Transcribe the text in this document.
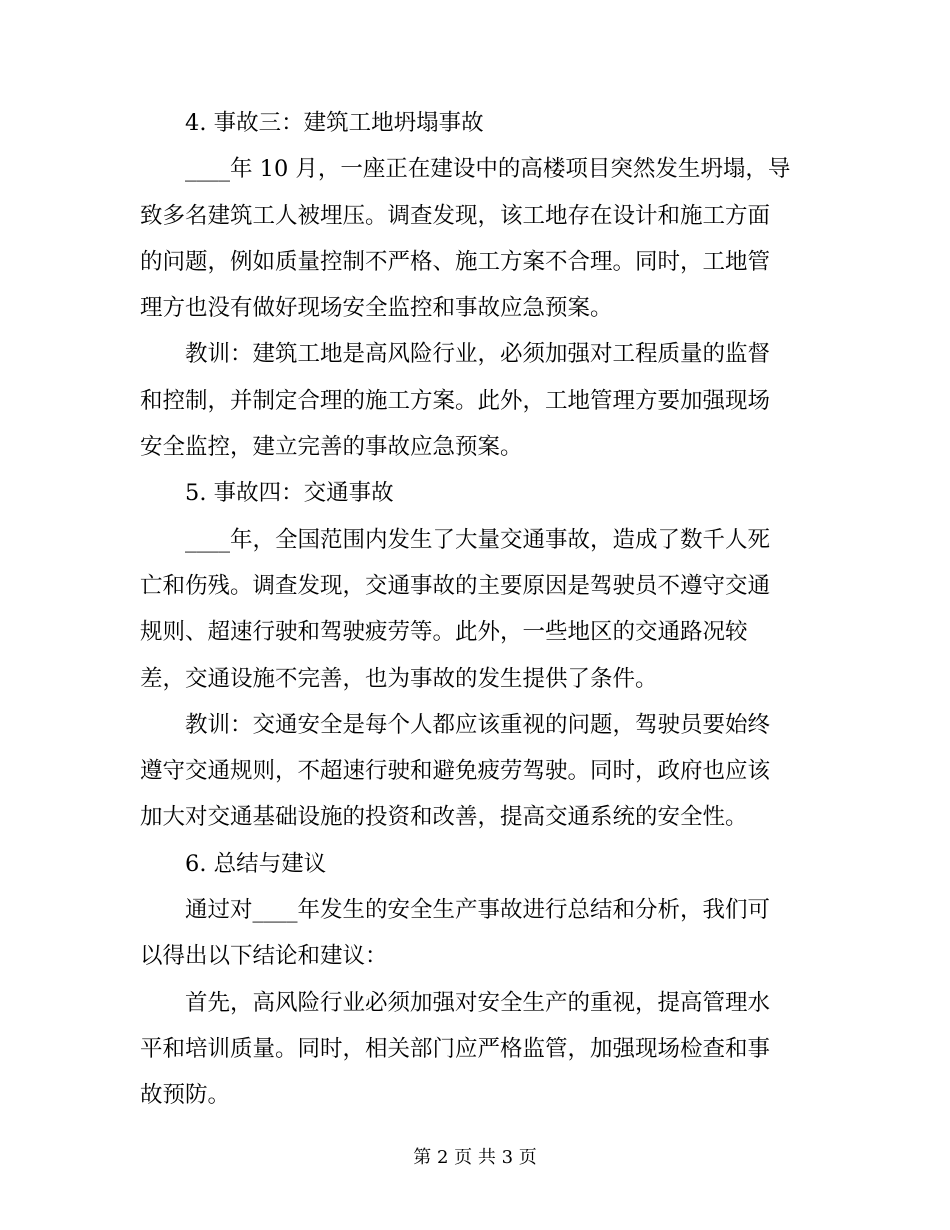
4. 事故三：建筑工地坍塌事故
____年 10 月，一座正在建设中的高楼项目突然发生坍塌，导
致多名建筑工人被埋压。调查发现，该工地存在设计和施工方面
的问题，例如质量控制不严格、施工方案不合理。同时，工地管
理方也没有做好现场安全监控和事故应急预案。
教训：建筑工地是高风险行业，必须加强对工程质量的监督
和控制，并制定合理的施工方案。此外，工地管理方要加强现场
安全监控，建立完善的事故应急预案。
5. 事故四：交通事故
____年，全国范围内发生了大量交通事故，造成了数千人死
亡和伤残。调查发现，交通事故的主要原因是驾驶员不遵守交通
规则、超速行驶和驾驶疲劳等。此外，一些地区的交通路况较
差，交通设施不完善，也为事故的发生提供了条件。
教训：交通安全是每个人都应该重视的问题，驾驶员要始终
遵守交通规则，不超速行驶和避免疲劳驾驶。同时，政府也应该
加大对交通基础设施的投资和改善，提高交通系统的安全性。
6. 总结与建议
通过对____年发生的安全生产事故进行总结和分析，我们可
以得出以下结论和建议：
首先，高风险行业必须加强对安全生产的重视，提高管理水
平和培训质量。同时，相关部门应严格监管，加强现场检查和事
故预防。
第 2 页 共 3 页
